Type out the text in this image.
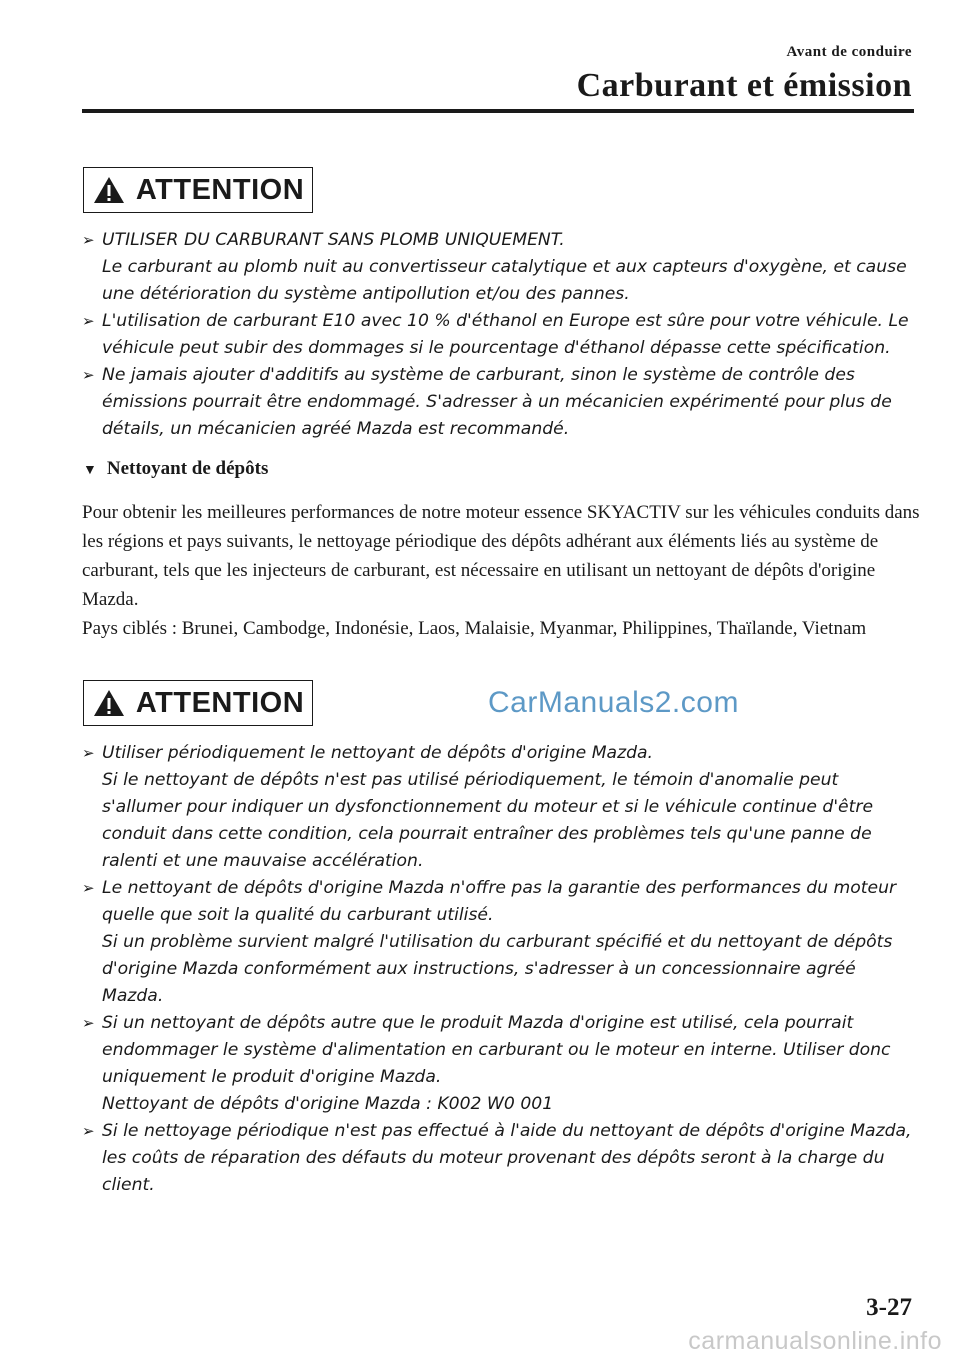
Avant de conduire
Carburant et émission
ATTENTION
➢ UTILISER DU CARBURANT SANS PLOMB UNIQUEMENT.

Le carburant au plomb nuit au convertisseur catalytique et aux capteurs d'oxygène, et cause une détérioration du système antipollution et/ou des pannes.

➢ L'utilisation de carburant E10 avec 10 % d'éthanol en Europe est sûre pour votre véhicule. Le véhicule peut subir des dommages si le pourcentage d'éthanol dépasse cette spécification.

➢ Ne jamais ajouter d'additifs au système de carburant, sinon le système de contrôle des émissions pourrait être endommagé. S'adresser à un mécanicien expérimenté pour plus de détails, un mécanicien agréé Mazda est recommandé.

▼ Nettoyant de dépôts

Pour obtenir les meilleures performances de notre moteur essence SKYACTIV sur les véhicules conduits dans les régions et pays suivants, le nettoyage périodique des dépôts adhérant aux éléments liés au système de carburant, tels que les injecteurs de carburant, est nécessaire en utilisant un nettoyant de dépôts d'origine Mazda.

Pays ciblés : Brunei, Cambodge, Indonésie, Laos, Malaisie, Myanmar, Philippines, Thaïlande, Vietnam

ATTENTION	CarManuals2.com
➢ Utiliser périodiquement le nettoyant de dépôts d'origine Mazda.

Si le nettoyant de dépôts n'est pas utilisé périodiquement, le témoin d'anomalie peut s'allumer pour indiquer un dysfonctionnement du moteur et si le véhicule continue d'être conduit dans cette condition, cela pourrait entraîner des problèmes tels qu'une panne de ralenti et une mauvaise accélération.

➢ Le nettoyant de dépôts d'origine Mazda n'offre pas la garantie des performances du moteur quelle que soit la qualité du carburant utilisé.

Si un problème survient malgré l'utilisation du carburant spécifié et du nettoyant de dépôts d'origine Mazda conformément aux instructions, s'adresser à un concessionnaire agréé Mazda.

➢ Si un nettoyant de dépôts autre que le produit Mazda d'origine est utilisé, cela pourrait endommager le système d'alimentation en carburant ou le moteur en interne. Utiliser donc uniquement le produit d'origine Mazda.

Nettoyant de dépôts d'origine Mazda : K002 W0 001

➢ Si le nettoyage périodique n'est pas effectué à l'aide du nettoyant de dépôts d'origine Mazda, les coûts de réparation des défauts du moteur provenant des dépôts seront à la charge du client.

3-27
carmanualsonline.info
